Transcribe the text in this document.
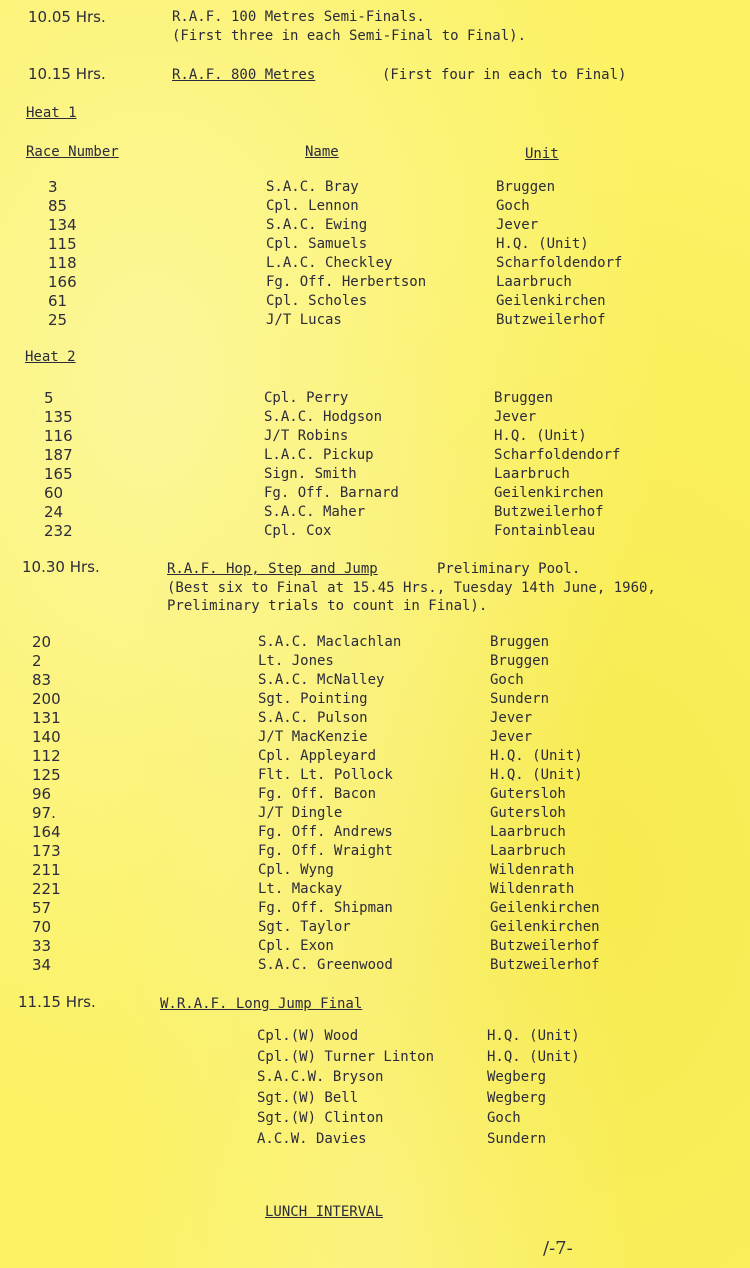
10.05 Hrs.	R.A.F. 100 Metres Semi-Finals.
(First three in each Semi-Final to Final).
10.15 Hrs.	R.A.F. 800 Metres	(First four in each to Final)
Heat 1
Race Number	Name	Unit
3	S.A.C. Bray	Bruggen
85	Cpl. Lennon	Goch
134	S.A.C. Ewing	Jever
115	Cpl. Samuels	H.Q. (Unit)
118	L.A.C. Checkley	Scharfoldendorf
166	Fg. Off. Herbertson	Laarbruch
61	Cpl. Scholes	Geilenkirchen
25	J/T Lucas	Butzweilerhof
Heat 2
5	Cpl. Perry	Bruggen
135	S.A.C. Hodgson	Jever
116	J/T Robins	H.Q. (Unit)
187	L.A.C. Pickup	Scharfoldendorf
165	Sign. Smith	Laarbruch
60	Fg. Off. Barnard	Geilenkirchen
24	S.A.C. Maher	Butzweilerhof
232	Cpl. Cox	Fontainbleau
10.30 Hrs.	R.A.F. Hop, Step and Jump	Preliminary Pool.
(Best six to Final at 15.45 Hrs., Tuesday 14th June, 1960,
Preliminary trials to count in Final).
20	S.A.C. Maclachlan	Bruggen
2	Lt. Jones	Bruggen
83	S.A.C. McNalley	Goch
200	Sgt. Pointing	Sundern
131	S.A.C. Pulson	Jever
140	J/T MacKenzie	Jever
112	Cpl. Appleyard	H.Q. (Unit)
125	Flt. Lt. Pollock	H.Q. (Unit)
96	Fg. Off. Bacon	Gutersloh
97.	J/T Dingle	Gutersloh
164	Fg. Off. Andrews	Laarbruch
173	Fg. Off. Wraight	Laarbruch
211	Cpl. Wyng	Wildenrath
221	Lt. Mackay	Wildenrath
57	Fg. Off. Shipman	Geilenkirchen
70	Sgt. Taylor	Geilenkirchen
33	Cpl. Exon	Butzweilerhof
34	S.A.C. Greenwood	Butzweilerhof
11.15 Hrs.	W.R.A.F. Long Jump Final
Cpl.(W) Wood	H.Q. (Unit)
Cpl.(W) Turner Linton	H.Q. (Unit)
S.A.C.W. Bryson	Wegberg
Sgt.(W) Bell	Wegberg
Sgt.(W) Clinton	Goch
A.C.W. Davies	Sundern
LUNCH INTERVAL
/-7-
